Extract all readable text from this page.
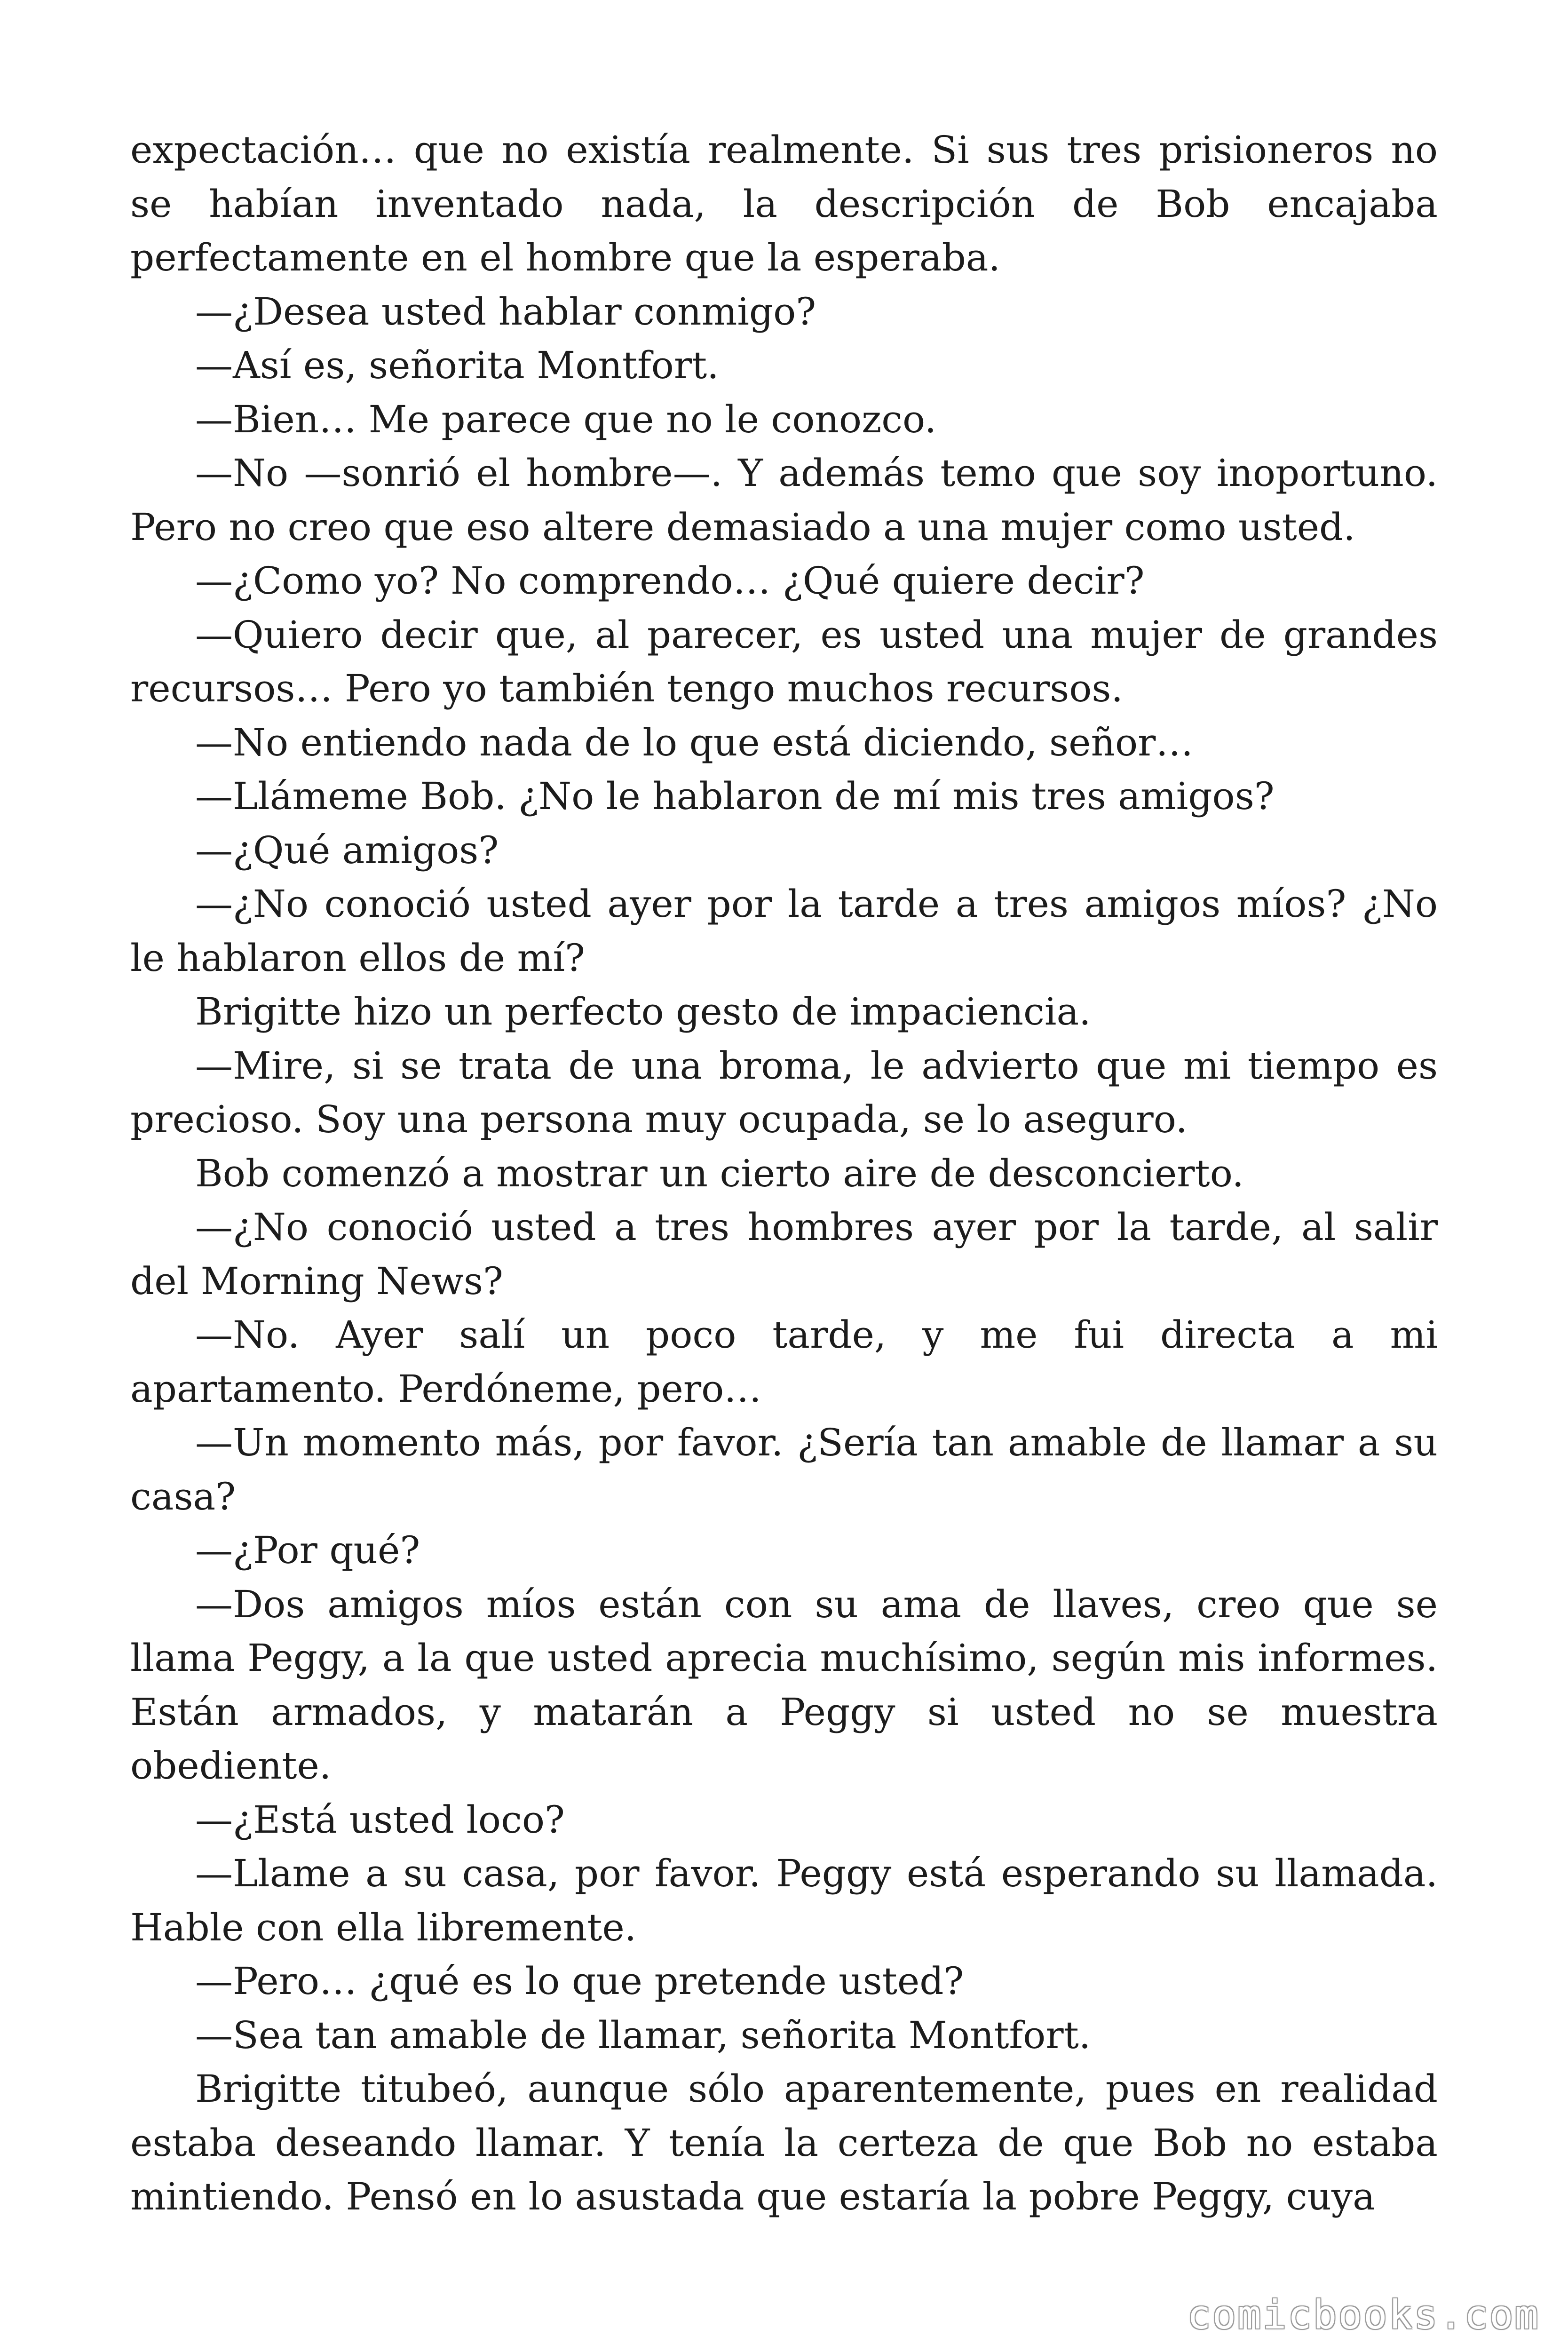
expectación… que no existía realmente. Si sus tres prisioneros no se habían inventado nada, la descripción de Bob encajaba perfectamente en el hombre que la esperaba.

—¿Desea usted hablar conmigo?

—Así es, señorita Montfort.

—Bien… Me parece que no le conozco.

—No —sonrió el hombre—. Y además temo que soy inoportuno. Pero no creo que eso altere demasiado a una mujer como usted.

—¿Como yo? No comprendo… ¿Qué quiere decir?

—Quiero decir que, al parecer, es usted una mujer de grandes recursos… Pero yo también tengo muchos recursos.

—No entiendo nada de lo que está diciendo, señor…

—Llámeme Bob. ¿No le hablaron de mí mis tres amigos?

—¿Qué amigos?

—¿No conoció usted ayer por la tarde a tres amigos míos? ¿No le hablaron ellos de mí?

Brigitte hizo un perfecto gesto de impaciencia.

—Mire, si se trata de una broma, le advierto que mi tiempo es precioso. Soy una persona muy ocupada, se lo aseguro.

Bob comenzó a mostrar un cierto aire de desconcierto.

—¿No conoció usted a tres hombres ayer por la tarde, al salir del Morning News?

—No. Ayer salí un poco tarde, y me fui directa a mi apartamento. Perdóneme, pero…

—Un momento más, por favor. ¿Sería tan amable de llamar a su casa?

—¿Por qué?

—Dos amigos míos están con su ama de llaves, creo que se llama Peggy, a la que usted aprecia muchísimo, según mis informes. Están armados, y matarán a Peggy si usted no se muestra obediente.

—¿Está usted loco?

—Llame a su casa, por favor. Peggy está esperando su llamada. Hable con ella libremente.

—Pero… ¿qué es lo que pretende usted?

—Sea tan amable de llamar, señorita Montfort.

Brigitte titubeó, aunque sólo aparentemente, pues en realidad estaba deseando llamar. Y tenía la certeza de que Bob no estaba mintiendo. Pensó en lo asustada que estaría la pobre Peggy, cuya

comicbooks.com
